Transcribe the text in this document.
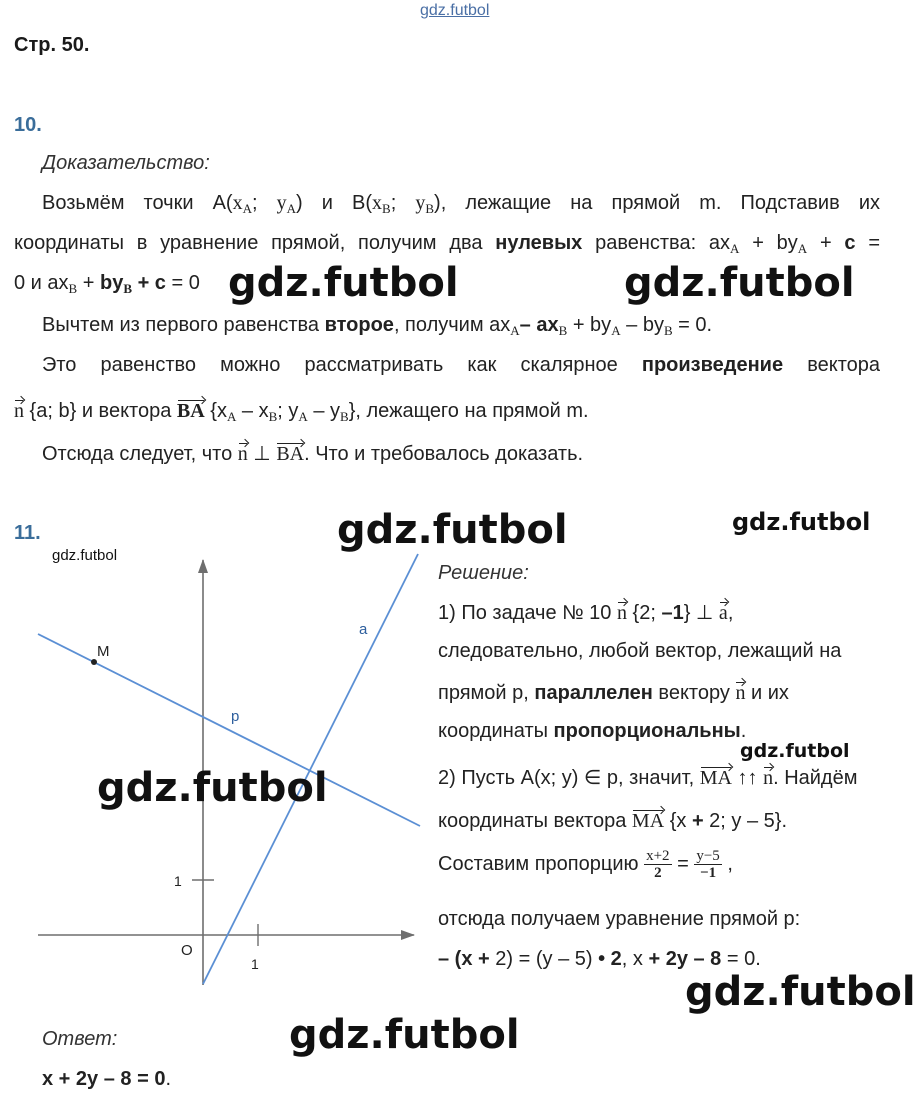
gdz.futbol
Стр. 50.
10.
Доказательство:
Возьмём точки $A(x_A$; $y_A$) и $B(x_B$; $y_B$), лежащие на прямой m. Подставив их
координаты в уравнение прямой, получим два нулевых равенства: $ax_A + by_A + c$ =
0 и $ax_B + by_B + c = 0$
Вычтем из первого равенства второе, получим $ax_A-$ $ax_B + by_A - by_B = 0$.
Это равенство можно рассматривать как скалярное произведение вектора
n {a; b} и вектора BA {$x_A - x_B$; $y_A - y_B$}, лежащего на прямой m.
Отсюда следует, что n ⊥ BA. Что и требовалось доказать.
11.
gdz.futbol
M
p
a
O
1
1
Решение:
1) По задаче № 10 n {2; –1} ⊥ a,
следовательно, любой вектор, лежащий на
прямой p, параллелен вектору n и их
координаты пропорциональны.
2) Пусть A(x; y) ∈ p, значит, MA ↑↑ n. Найдём
координаты вектора MA {x + 2; y – 5}.
Составим пропорцию $\frac{x+2}{2} = \frac{y-5}{-1}$ ,
отсюда получаем уравнение прямой p:
– (x + 2) = (y – 5) • 2, x + 2y – 8 = 0.
Ответ:
x + 2y – 8 = 0.
gdz.futbol	gdz.futbol
gdz.futbol	gdz.futbol
gdz.futbol
gdz.futbol
gdz.futbol
gdz.futbol
